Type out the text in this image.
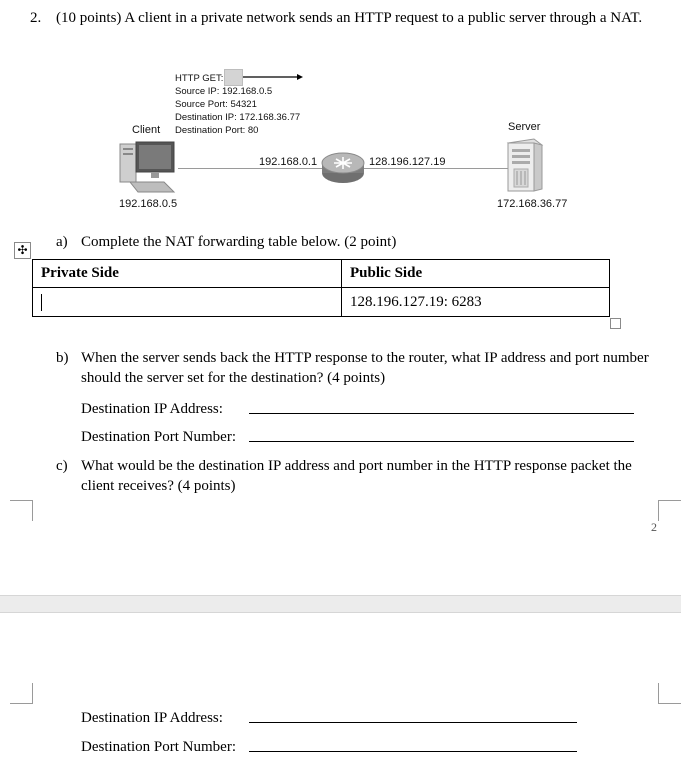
2. (10 points) A client in a private network sends an HTTP request to a public server through a NAT.
HTTP GET:
Source IP: 192.168.0.5
Source Port: 54321
Destination IP: 172.168.36.77
Destination Port: 80
Client	Server
192.168.0.5
192.168.0.1	128.196.127.19
172.168.36.77
✣ a) Complete the NAT forwarding table below. (2 point)
Private Side	Public Side
	128.196.127.19: 6283
b) When the server sends back the HTTP response to the router, what IP address and port number should the server set for the destination? (4 points)
Destination IP Address:
Destination Port Number:
c) What would be the destination IP address and port number in the HTTP response packet the client receives? (4 points)
2
Destination IP Address:
Destination Port Number:
